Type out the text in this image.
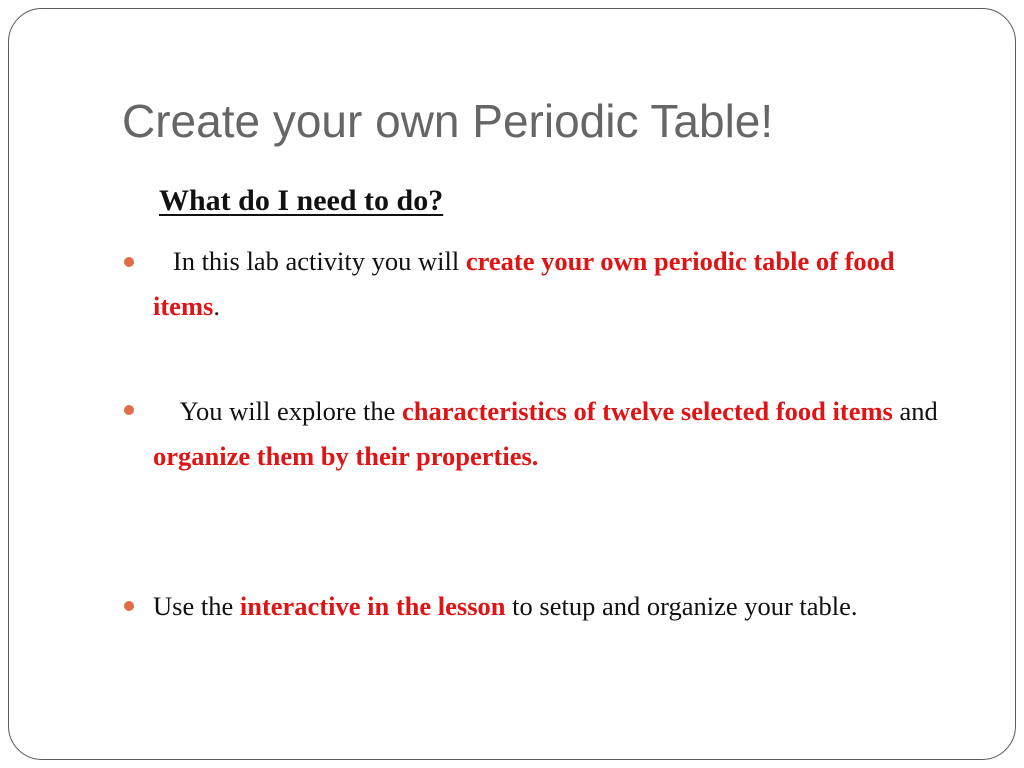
Create your own Periodic Table!
What do I need to do?

In this lab activity you will create your own periodic table of food items.

You will explore the characteristics of twelve selected food items and organize them by their properties.

Use the interactive in the lesson to setup and organize your table.
